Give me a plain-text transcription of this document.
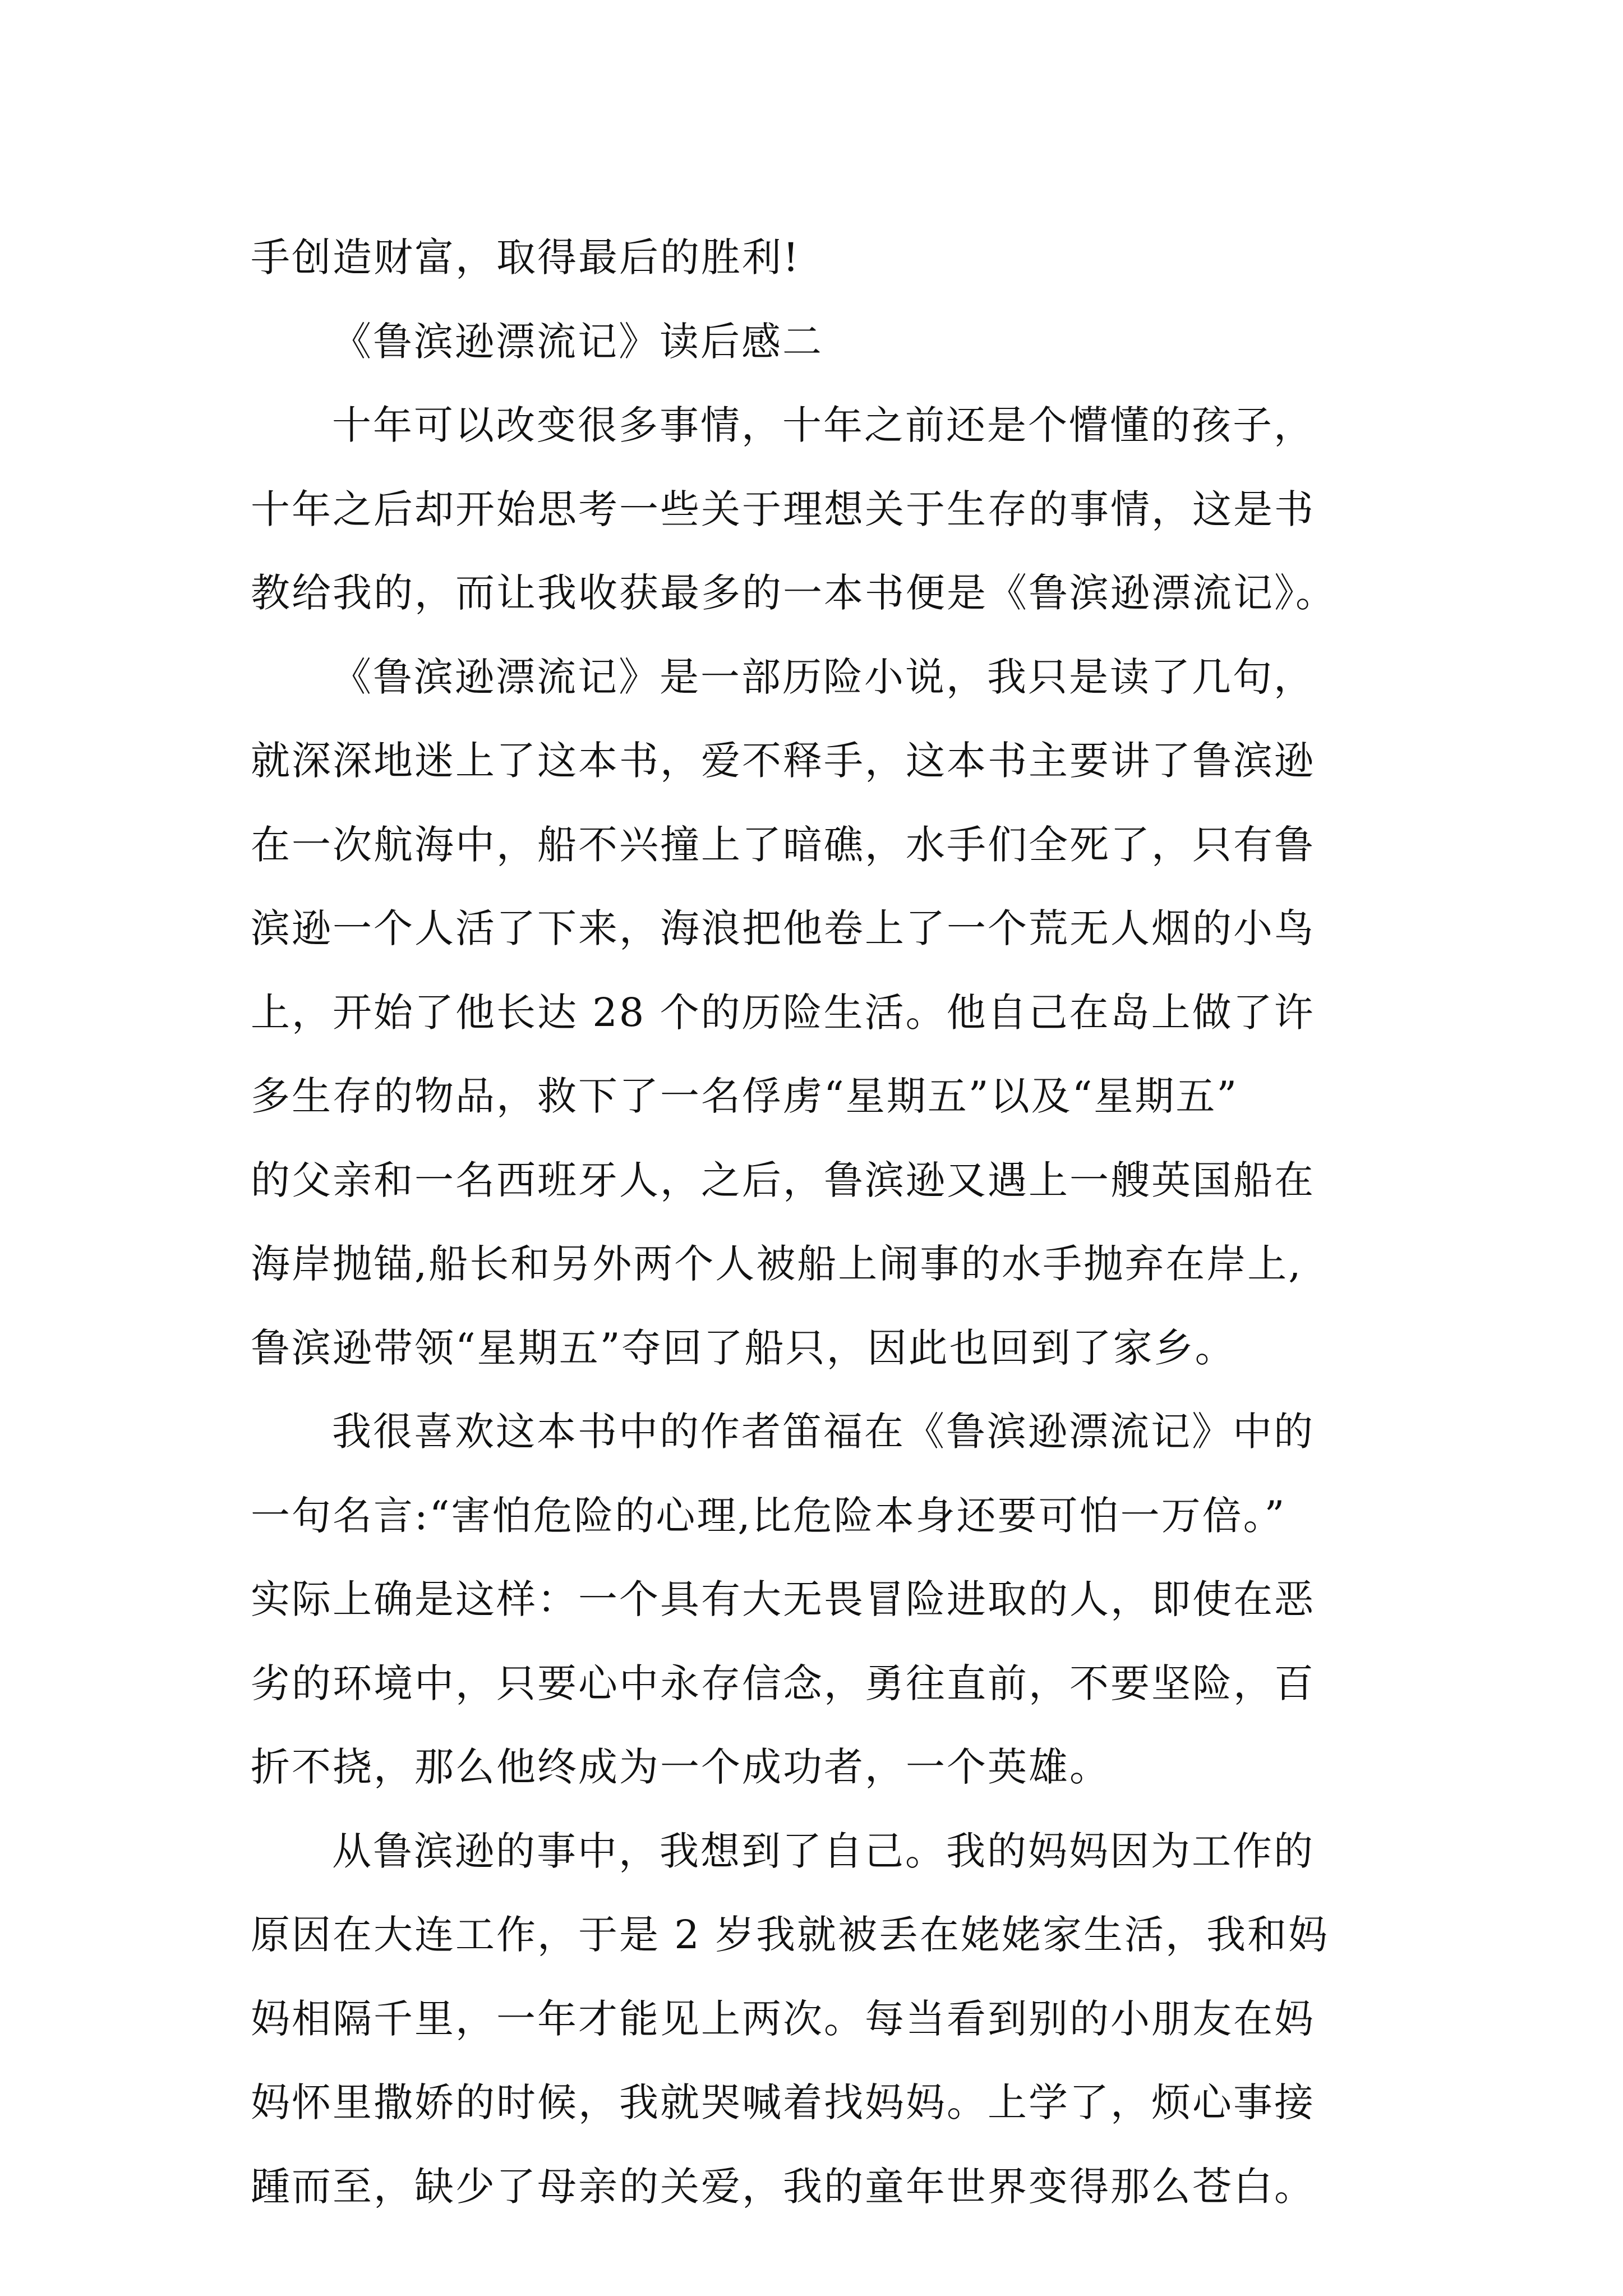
手创造财富，取得最后的胜利!
《鲁滨逊漂流记》读后感二
十年可以改变很多事情，十年之前还是个懵懂的孩子，
十年之后却开始思考一些关于理想关于生存的事情，这是书
教给我的，而让我收获最多的一本书便是《鲁滨逊漂流记》。
《鲁滨逊漂流记》是一部历险小说，我只是读了几句，
就深深地迷上了这本书，爱不释手，这本书主要讲了鲁滨逊
在一次航海中，船不兴撞上了暗礁，水手们全死了，只有鲁
滨逊一个人活了下来，海浪把他卷上了一个荒无人烟的小鸟
上，开始了他长达 28 个的历险生活。他自己在岛上做了许
多生存的物品，救下了一名俘虏“星期五”以及“星期五”
的父亲和一名西班牙人，之后，鲁滨逊又遇上一艘英国船在
海岸抛锚,船长和另外两个人被船上闹事的水手抛弃在岸上,
鲁滨逊带领“星期五”夺回了船只，因此也回到了家乡。
我很喜欢这本书中的作者笛福在《鲁滨逊漂流记》中的
一句名言:“害怕危险的心理,比危险本身还要可怕一万倍。”
实际上确是这样：一个具有大无畏冒险进取的人，即使在恶
劣的环境中，只要心中永存信念，勇往直前，不要坚险，百
折不挠，那么他终成为一个成功者，一个英雄。
从鲁滨逊的事中，我想到了自己。我的妈妈因为工作的
原因在大连工作，于是 2 岁我就被丢在姥姥家生活，我和妈
妈相隔千里，一年才能见上两次。每当看到别的小朋友在妈
妈怀里撒娇的时候，我就哭喊着找妈妈。上学了，烦心事接
踵而至，缺少了母亲的关爱，我的童年世界变得那么苍白。
